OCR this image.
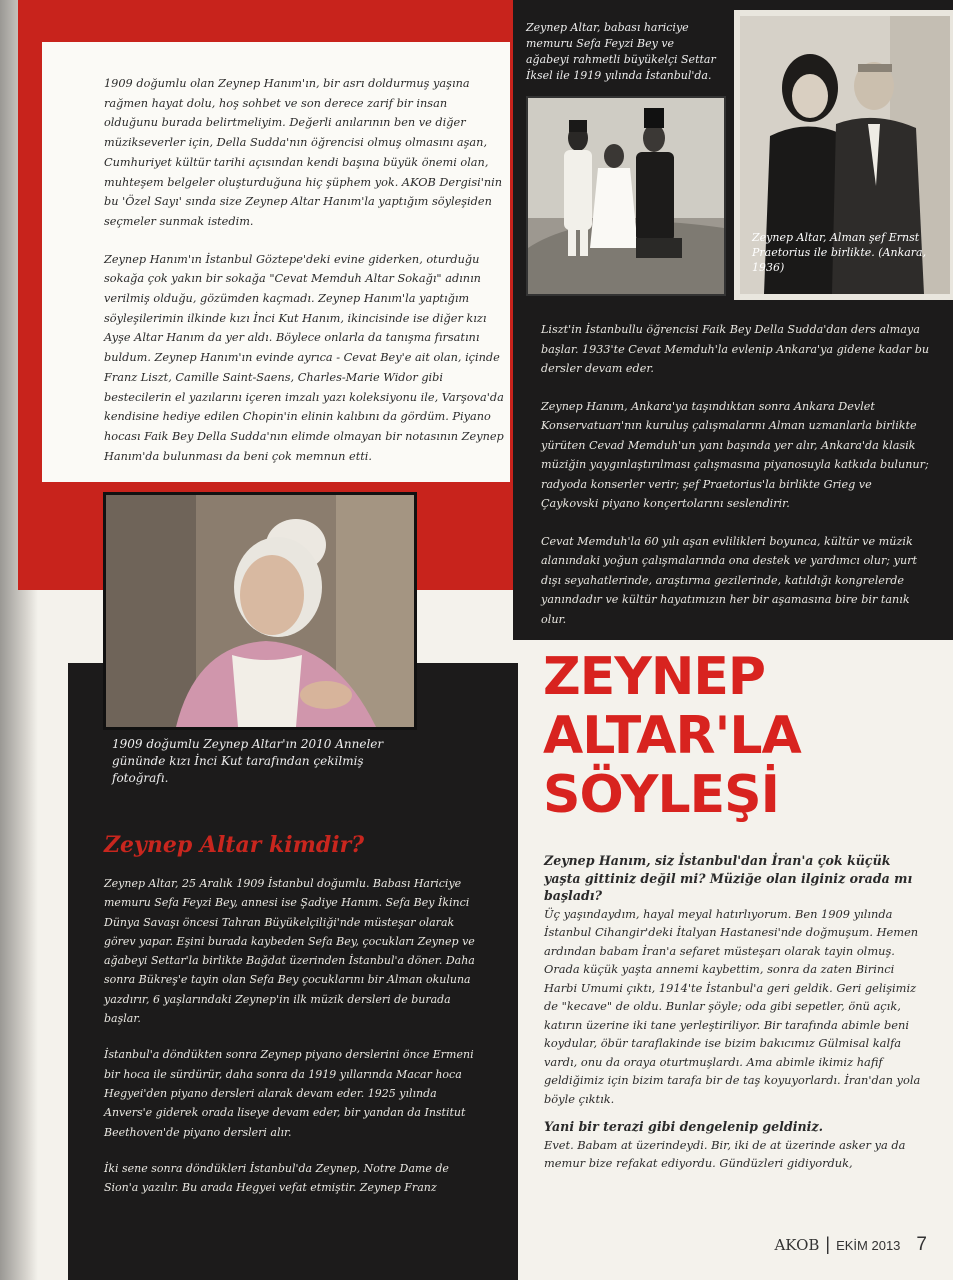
1909 doğumlu olan Zeynep Hanım'ın, bir asrı doldurmuş yaşına rağmen hayat dolu, hoş sohbet ve son derece zarif bir insan olduğunu burada belirtmeliyim. Değerli anılarının ben ve diğer müzikseverler için, Della Sudda'nın öğrencisi olmuş olmasını aşan, Cumhuriyet kültür tarihi açısından kendi başına büyük önemi olan, muhteşem belgeler oluşturduğuna hiç şüphem yok. AKOB Dergisi'nin bu 'Özel Sayı' sında size Zeynep Altar Hanım'la yaptığım söyleşiden seçmeler sunmak istedim.

Zeynep Hanım'ın İstanbul Göztepe'deki evine giderken, oturduğu sokağa çok yakın bir sokağa "Cevat Memduh Altar Sokağı" adının verilmiş olduğu, gözümden kaçmadı. Zeynep Hanım'la yaptığım söyleşilerimin ilkinde kızı İnci Kut Hanım, ikincisinde ise diğer kızı Ayşe Altar Hanım da yer aldı. Böylece onlarla da tanışma fırsatını buldum. Zeynep Hanım'ın evinde ayrıca - Cevat Bey'e ait olan, içinde Franz Liszt, Camille Saint-Saens, Charles-Marie Widor gibi bestecilerin el yazılarını içeren imzalı yazı koleksiyonu ile, Varşova'da kendisine hediye edilen Chopin'in elinin kalıbını da gördüm. Piyano hocası Faik Bey Della Sudda'nın elimde olmayan bir notasının Zeynep Hanım'da bulunması da beni çok memnun etti.

Zeynep Altar, babası hariciye memuru Sefa Feyzi Bey ve ağabeyi rahmetli büyükelçi Settar İksel ile 1919 yılında İstanbul'da.
Zeynep Altar, Alman şef Ernst Praetorius ile birlikte. (Ankara, 1936)

Liszt'in İstanbullu öğrencisi Faik Bey Della Sudda'dan ders almaya başlar. 1933'te Cevat Memduh'la evlenip Ankara'ya gidene kadar bu dersler devam eder.

Zeynep Hanım, Ankara'ya taşındıktan sonra Ankara Devlet Konservatuarı'nın kuruluş çalışmalarını Alman uzmanlarla birlikte yürüten Cevad Memduh'un yanı başında yer alır, Ankara'da klasik müziğin yaygınlaştırılması çalışmasına piyanosuyla katkıda bulunur; radyoda konserler verir; şef Praetorius'la birlikte Grieg ve Çaykovski piyano konçertolarını seslendirir.

Cevat Memduh'la 60 yılı aşan evlilikleri boyunca, kültür ve müzik alanındaki yoğun çalışmalarında ona destek ve yardımcı olur; yurt dışı seyahatlerinde, araştırma gezilerinde, katıldığı kongrelerde yanındadır ve kültür hayatımızın her bir aşamasına bire bir tanık olur.

1909 doğumlu Zeynep Altar'ın 2010 Anneler gününde kızı İnci Kut tarafından çekilmiş fotoğrafı.
ZEYNEP
ALTAR'LA
SÖYLEŞİ
Zeynep Altar kimdir?

Zeynep Altar, 25 Aralık 1909 İstanbul doğumlu. Babası Hariciye memuru Sefa Feyzi Bey, annesi ise Şadiye Hanım. Sefa Bey İkinci Dünya Savaşı öncesi Tahran Büyükelçiliği'nde müsteşar olarak görev yapar. Eşini burada kaybeden Sefa Bey, çocukları Zeynep ve ağabeyi Settar'la birlikte Bağdat üzerinden İstanbul'a döner. Daha sonra Bükreş'e tayin olan Sefa Bey çocuklarını bir Alman okuluna yazdırır, 6 yaşlarındaki Zeynep'in ilk müzik dersleri de burada başlar.

İstanbul'a döndükten sonra Zeynep piyano derslerini önce Ermeni bir hoca ile sürdürür, daha sonra da 1919 yıllarında Macar hoca Hegyei'den piyano dersleri alarak devam eder. 1925 yılında Anvers'e giderek orada liseye devam eder, bir yandan da Institut Beethoven'de piyano dersleri alır.

İki sene sonra döndükleri İstanbul'da Zeynep, Notre Dame de Sion'a yazılır. Bu arada Hegyei vefat etmiştir. Zeynep Franz

Zeynep Hanım, siz İstanbul'dan İran'a çok küçük yaşta gittiniz değil mi? Müziğe olan ilginiz orada mı başladı?

Üç yaşındaydım, hayal meyal hatırlıyorum. Ben 1909 yılında İstanbul Cihangir'deki İtalyan Hastanesi'nde doğmuşum. Hemen ardından babam İran'a sefaret müsteşarı olarak tayin olmuş. Orada küçük yaşta annemi kaybettim, sonra da zaten Birinci Harbi Umumi çıktı, 1914'te İstanbul'a geri geldik. Geri gelişimiz de "kecave" de oldu. Bunlar şöyle; oda gibi sepetler, önü açık, katırın üzerine iki tane yerleştiriliyor. Bir tarafında abimle beni koydular, öbür taraflakinde ise bizim bakıcımız Gülmisal kalfa vardı, onu da oraya oturtmuşlardı. Ama abimle ikimiz hafif geldiğimiz için bizim tarafa bir de taş koyuyorlardı. İran'dan yola böyle çıktık.

Yani bir terazi gibi dengelenip geldiniz.

Evet. Babam at üzerindeydi. Bir, iki de at üzerinde asker ya da memur bize refakat ediyordu. Gündüzleri gidiyorduk,

AKOB | EKİM 2013 7
